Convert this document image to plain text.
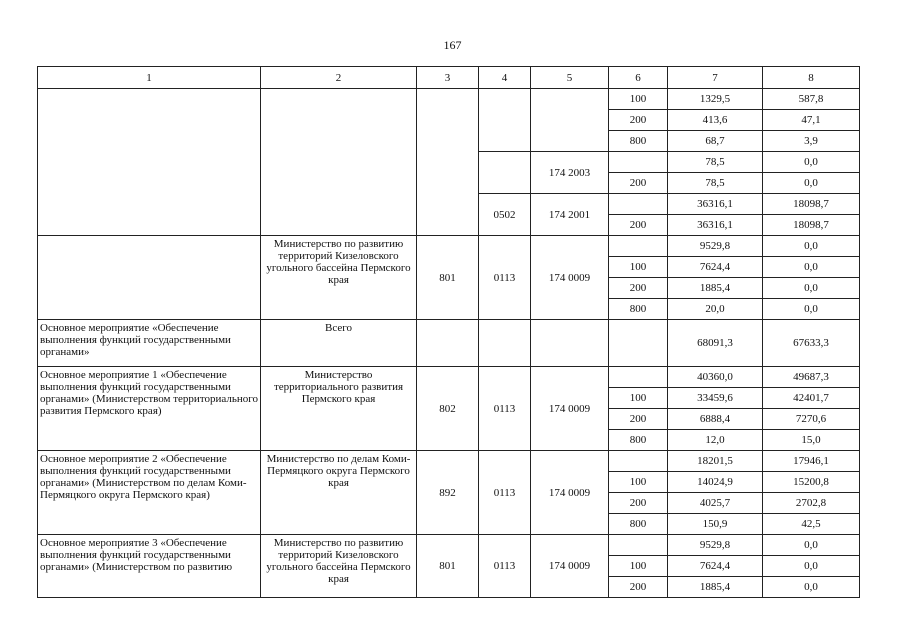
167
1	2	3	4	5	6	7	8
					100	1329,5	587,8
					200	413,6	47,1
					800	68,7	3,9
				174 2003		78,5	0,0
					200	78,5	0,0
			0502	174 2001		36316,1	18098,7
					200	36316,1	18098,7
	Министерство по развитию территорий Кизеловского угольного бассейна Пермского края	801	0113	174 0009		9529,8	0,0
					100	7624,4	0,0
					200	1885,4	0,0
					800	20,0	0,0
Основное мероприятие «Обеспечение выполнения функций государственными органами»	Всего					68091,3	67633,3
Основное мероприятие 1 «Обеспечение выполнения функций государственными органами» (Министерством территориального развития Пермского края)	Министерство территориального развития Пермского края	802	0113	174 0009		40360,0	49687,3
					100	33459,6	42401,7
					200	6888,4	7270,6
					800	12,0	15,0
Основное мероприятие 2 «Обеспечение выполнения функций государственными органами» (Министерством по делам Коми-Пермяцкого округа Пермского края)	Министерство по делам Коми-Пермяцкого округа Пермского края	892	0113	174 0009		18201,5	17946,1
					100	14024,9	15200,8
					200	4025,7	2702,8
					800	150,9	42,5
Основное мероприятие 3 «Обеспечение выполнения функций государственными органами» (Министерством по развитию	Министерство по развитию территорий Кизеловского угольного бассейна Пермского края	801	0113	174 0009		9529,8	0,0
					100	7624,4	0,0
					200	1885,4	0,0
